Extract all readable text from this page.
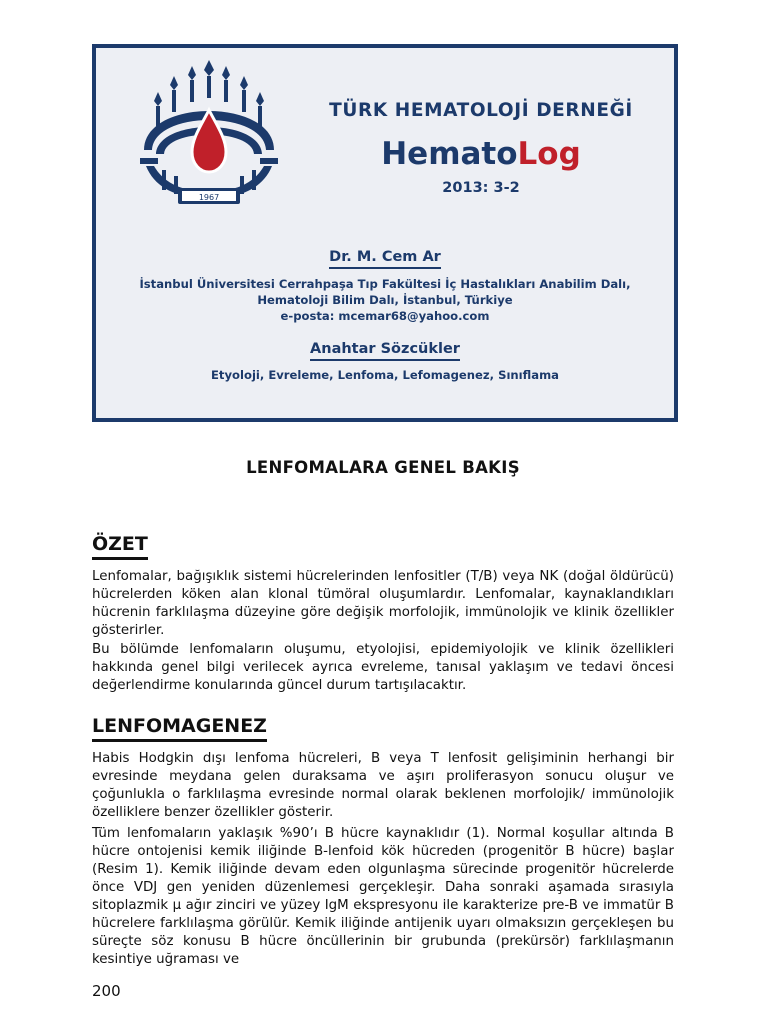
1967
TÜRK HEMATOLOJİ DERNEĞİ
HematoLog
2013: 3-2
Dr. M. Cem Ar
İstanbul Üniversitesi Cerrahpaşa Tıp Fakültesi İç Hastalıkları Anabilim Dalı,
Hematoloji Bilim Dalı, İstanbul, Türkiye
e-posta: mcemar68@yahoo.com
Anahtar Sözcükler
Etyoloji, Evreleme, Lenfoma, Lefomagenez, Sınıflama
LENFOMALARA GENEL BAKIŞ
ÖZET

Lenfomalar, bağışıklık sistemi hücrelerinden lenfositler (T/B) veya NK (doğal öldürücü) hücrelerden köken alan klonal tümöral oluşumlardır. Lenfomalar, kaynaklandıkları hücrenin farklılaşma düzeyine göre değişik morfolojik, immünolojik ve klinik özellikler gösterirler.

Bu bölümde lenfomaların oluşumu, etyolojisi, epidemiyolojik ve klinik özellikleri hakkında genel bilgi verilecek ayrıca evreleme, tanısal yaklaşım ve tedavi öncesi değerlendirme konularında güncel durum tartışılacaktır.

LENFOMAGENEZ

Habis Hodgkin dışı lenfoma hücreleri, B veya T lenfosit gelişiminin herhangi bir evresinde meydana gelen duraksama ve aşırı proliferasyon sonucu oluşur ve çoğunlukla o farklılaşma evresinde normal olarak beklenen morfolojik/ immünolojik özelliklere benzer özellikler gösterir.

Tüm lenfomaların yaklaşık %90’ı B hücre kaynaklıdır (1). Normal koşullar altında B hücre ontojenisi kemik iliğinde B-lenfoid kök hücreden (progenitör B hücre) başlar (Resim 1). Kemik iliğinde devam eden olgunlaşma sürecinde progenitör hücrelerde önce VDJ gen yeniden düzenlemesi gerçekleşir. Daha sonraki aşamada sırasıyla sitoplazmik μ ağır zinciri ve yüzey IgM ekspresyonu ile karakterize pre-B ve immatür B hücrelere farklılaşma görülür. Kemik iliğinde antijenik uyarı olmaksızın gerçekleşen bu süreçte söz konusu B hücre öncüllerinin bir grubunda (prekürsör) farklılaşmanın kesintiye uğraması ve

200
